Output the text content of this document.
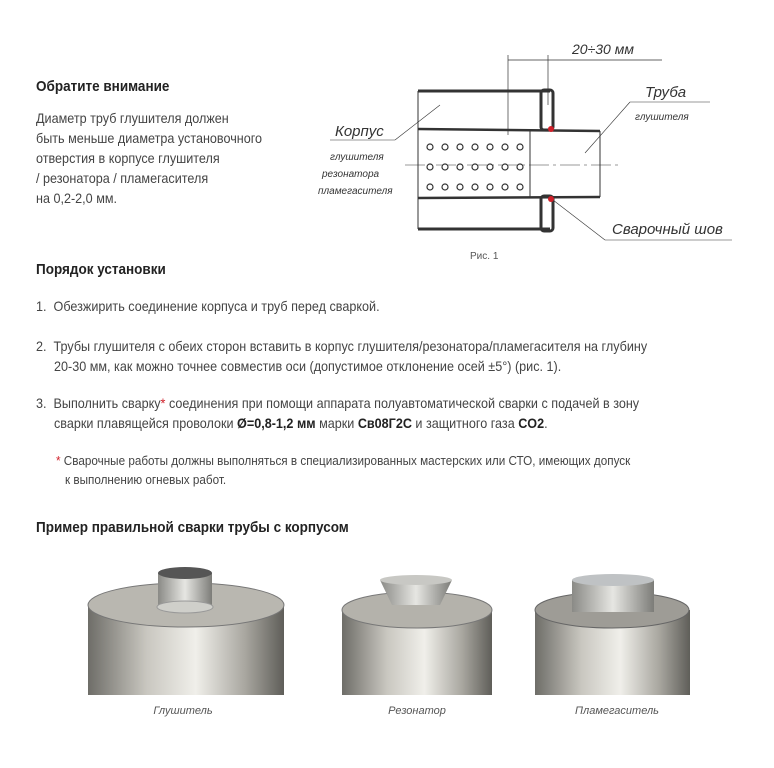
Обратите внимание
Диаметр труб глушителя должен
быть меньше диаметра установочного
отверстия в корпусе глушителя
/ резонатора / пламегасителя
на 0,2-2,0 мм.
20÷30 мм
Корпус
глушителя
резонатора
пламегасителя
Труба
глушителя
Сварочный шов
Рис. 1
Порядок установки
1. Обезжирить соединение корпуса и труб перед сваркой.
2. Трубы глушителя с обеих сторон вставить в корпус глушителя/резонатора/пламегасителя на глубину
20-30 мм, как можно точнее совместив оси (допустимое отклонение осей ±5°) (рис. 1).
3. Выполнить сварку* соединения при помощи аппарата полуавтоматической сварки с подачей в зону
сварки плавящейся проволоки Ø=0,8-1,2 мм марки Св08Г2С и защитного газа CO2.
* Сварочные работы должны выполняться в специализированных мастерских или СТО, имеющих допуск
к выполнению огневых работ.
Пример правильной сварки трубы с корпусом
Глушитель	Резонатор	Пламегаситель
